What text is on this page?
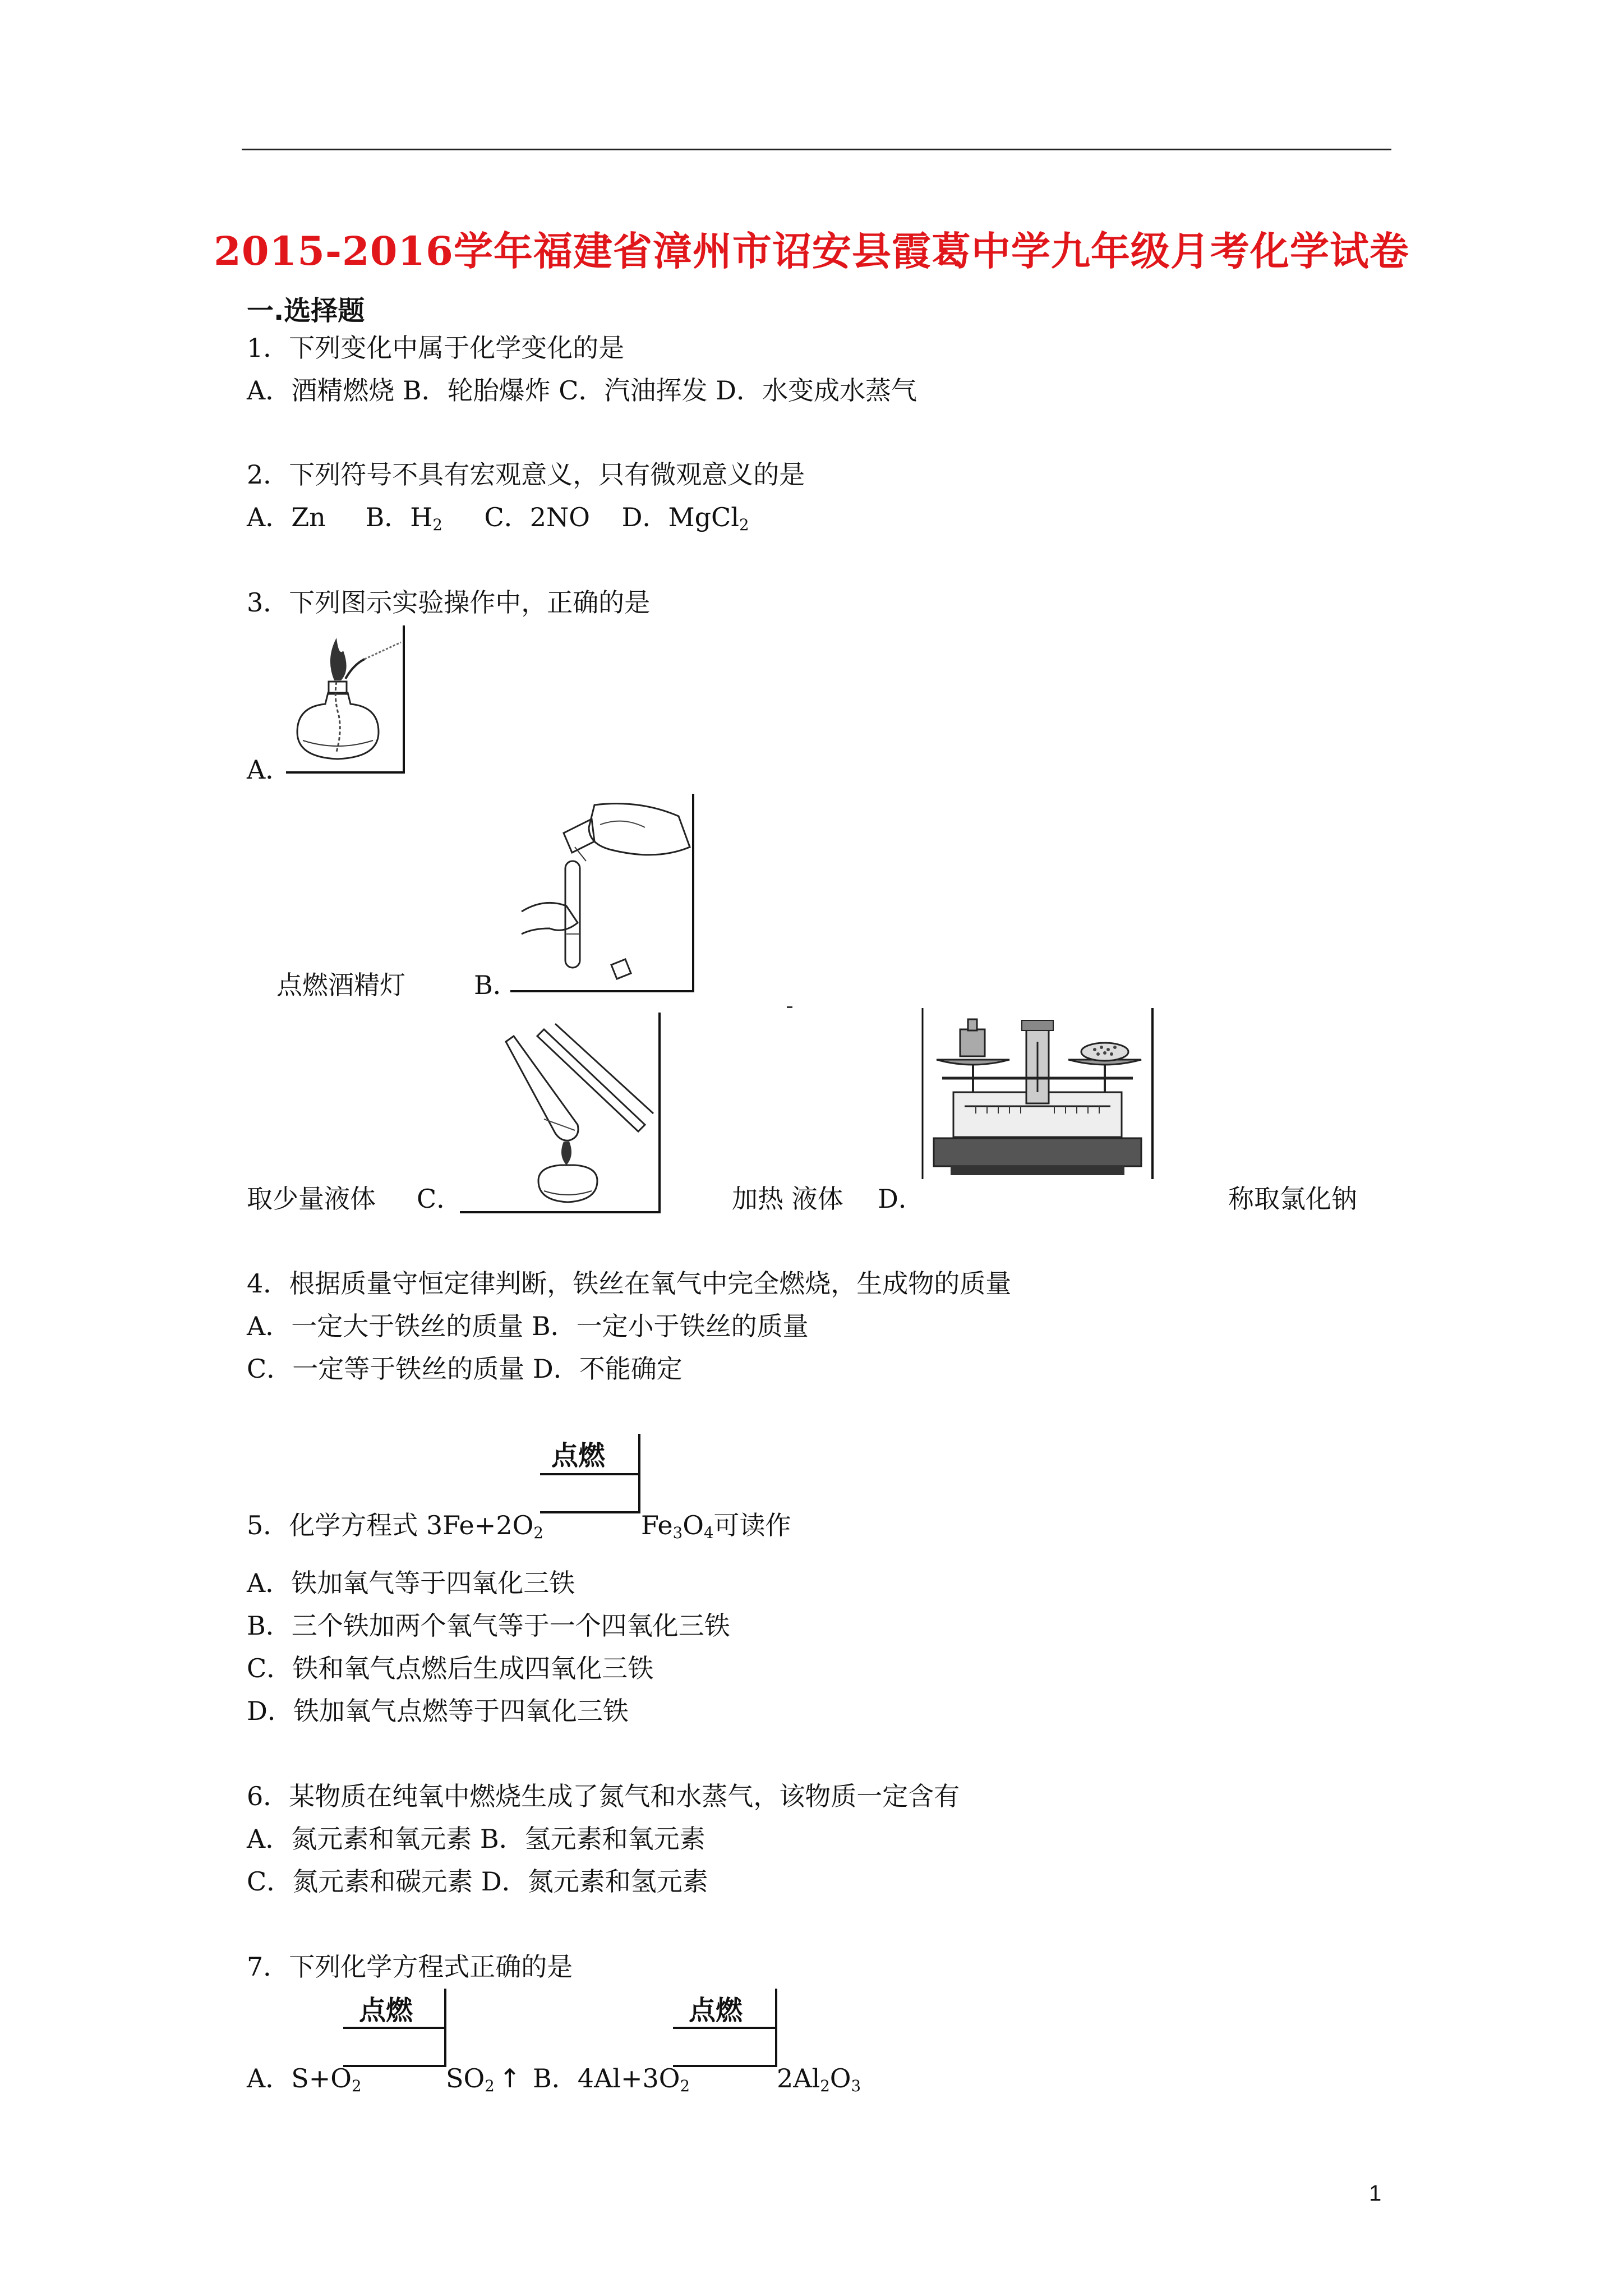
2015-2016学年福建省漳州市诏安县霞葛中学九年级月考化学试卷
一.选择题
1．下列变化中属于化学变化的是
A．酒精燃烧 B．轮胎爆炸 C．汽油挥发 D．水变成水蒸气
2．下列符号不具有宏观意义，只有微观意义的是
A．Zn B．$H_2$ C．2NO D．MgCl$_2$
3．下列图示实验操作中，正确的是
A．
点燃酒精灯	B．
取少量液体 C．	加热 液体 D．	称取氯化钠
4．根据质量守恒定律判断，铁丝在氧气中完全燃烧，生成物的质量
A．一定大于铁丝的质量 B．一定小于铁丝的质量
C．一定等于铁丝的质量 D．不能确定
点燃
5．化学方程式 $3Fe+2O_2$	$Fe_3O_4$可读作
A．铁加氧气等于四氧化三铁
B．三个铁加两个氧气等于一个四氧化三铁
C．铁和氧气点燃后生成四氧化三铁
D．铁加氧气点燃等于四氧化三铁
6．某物质在纯氧中燃烧生成了氮气和水蒸气，该物质一定含有
A．氮元素和氧元素 B．氢元素和氧元素
C．氮元素和碳元素 D．氮元素和氢元素
7．下列化学方程式正确的是
点燃	点燃
A．$S+O_2$	$SO_2$ ↑ B．$4Al+3O_2$	$2Al_2O_3$
1
